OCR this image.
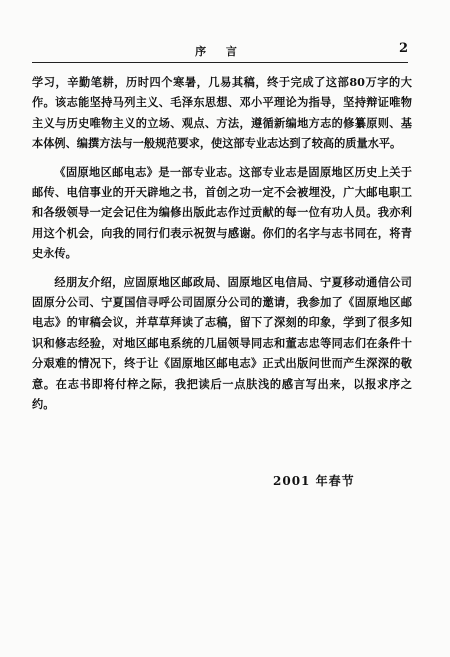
序 言	2

学习，辛勤笔耕，历时四个寒暑，几易其稿，终于完成了这部80万字的大作。该志能坚持马列主义、毛泽东思想、邓小平理论为指导，坚持辩证唯物主义与历史唯物主义的立场、观点、方法，遵循新编地方志的修纂原则、基本体例、编撰方法与一般规范要求，使这部专业志达到了较高的质量水平。

《固原地区邮电志》是一部专业志。这部专业志是固原地区历史上关于邮传、电信事业的开天辟地之书，首创之功一定不会被埋没，广大邮电职工和各级领导一定会记住为编修出版此志作过贡献的每一位有功人员。我亦利用这个机会，向我的同行们表示祝贺与感谢。你们的名字与志书同在，将青史永传。

经朋友介绍，应固原地区邮政局、固原地区电信局、宁夏移动通信公司固原分公司、宁夏国信寻呼公司固原分公司的邀请，我参加了《固原地区邮电志》的审稿会议，并草草拜读了志稿，留下了深刻的印象，学到了很多知识和修志经验，对地区邮电系统的几届领导同志和董志忠等同志们在条件十分艰难的情况下，终于让《固原地区邮电志》正式出版问世而产生深深的敬意。在志书即将付梓之际，我把读后一点肤浅的感言写出来，以报求序之约。

2001 年春节
